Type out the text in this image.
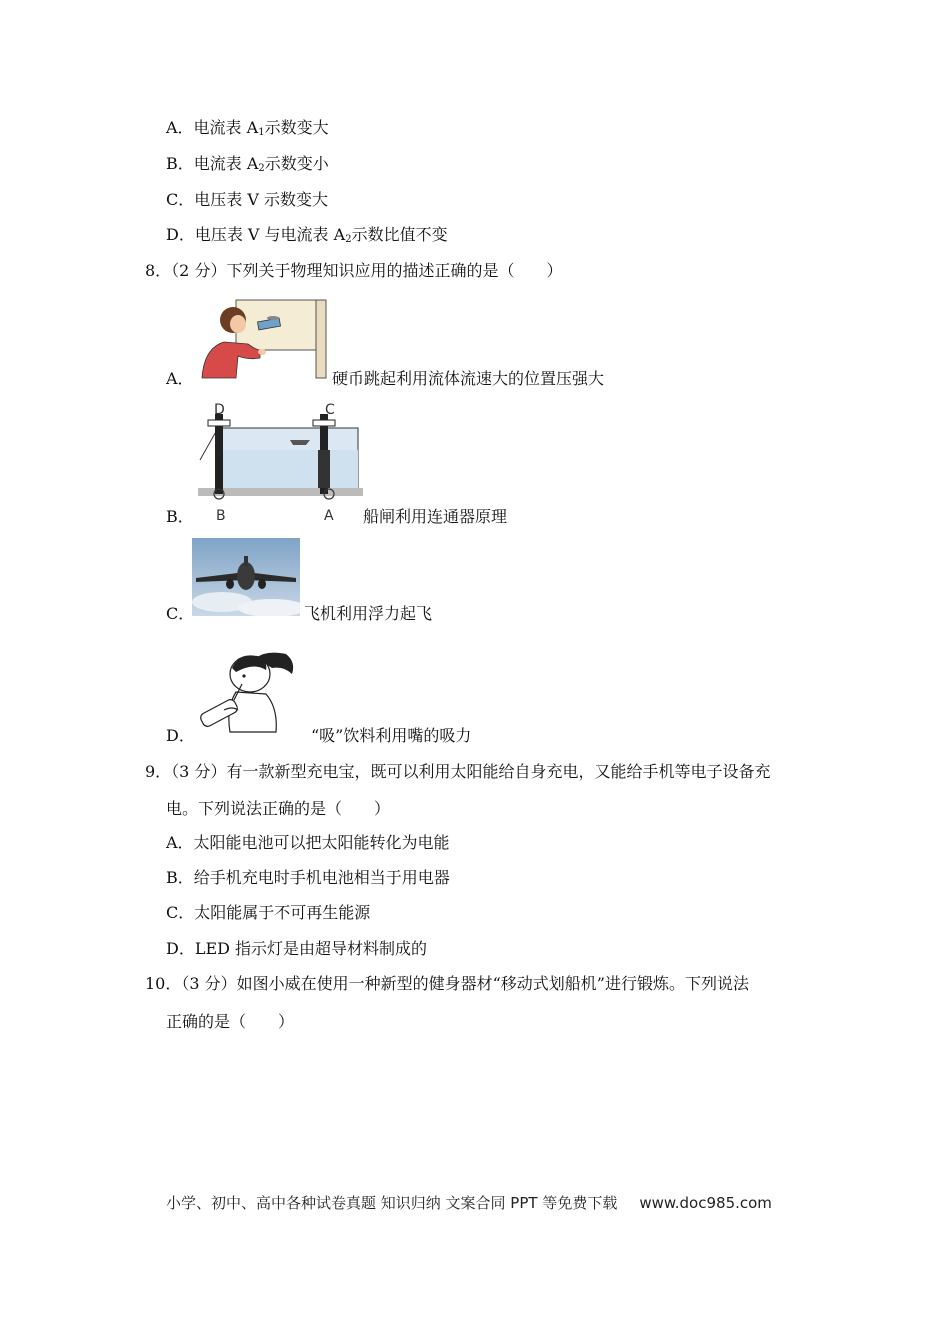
A．电流表 $A_1$示数变大
B．电流表 $A_2$示数变小
C．电压表 V 示数变大
D．电压表 V 与电流表 $A_2$示数比值不变
8．（2 分）下列关于物理知识应用的描述正确的是（　　）
A．	硬币跳起利用流体流速大的位置压强大
D	C
B	A
B．	船闸利用连通器原理
C．	飞机利用浮力起飞
D．	“吸”饮料利用嘴的吸力
9．（3 分）有一款新型充电宝，既可以利用太阳能给自身充电，又能给手机等电子设备充
电。下列说法正确的是（　　）
A．太阳能电池可以把太阳能转化为电能
B．给手机充电时手机电池相当于用电器
C．太阳能属于不可再生能源
D．LED 指示灯是由超导材料制成的
10．（3 分）如图小威在使用一种新型的健身器材“移动式划船机”进行锻炼。下列说法
正确的是（　　）
小学、初中、高中各种试卷真题 知识归纳 文案合同 PPT 等免费下载 www.doc985.com
